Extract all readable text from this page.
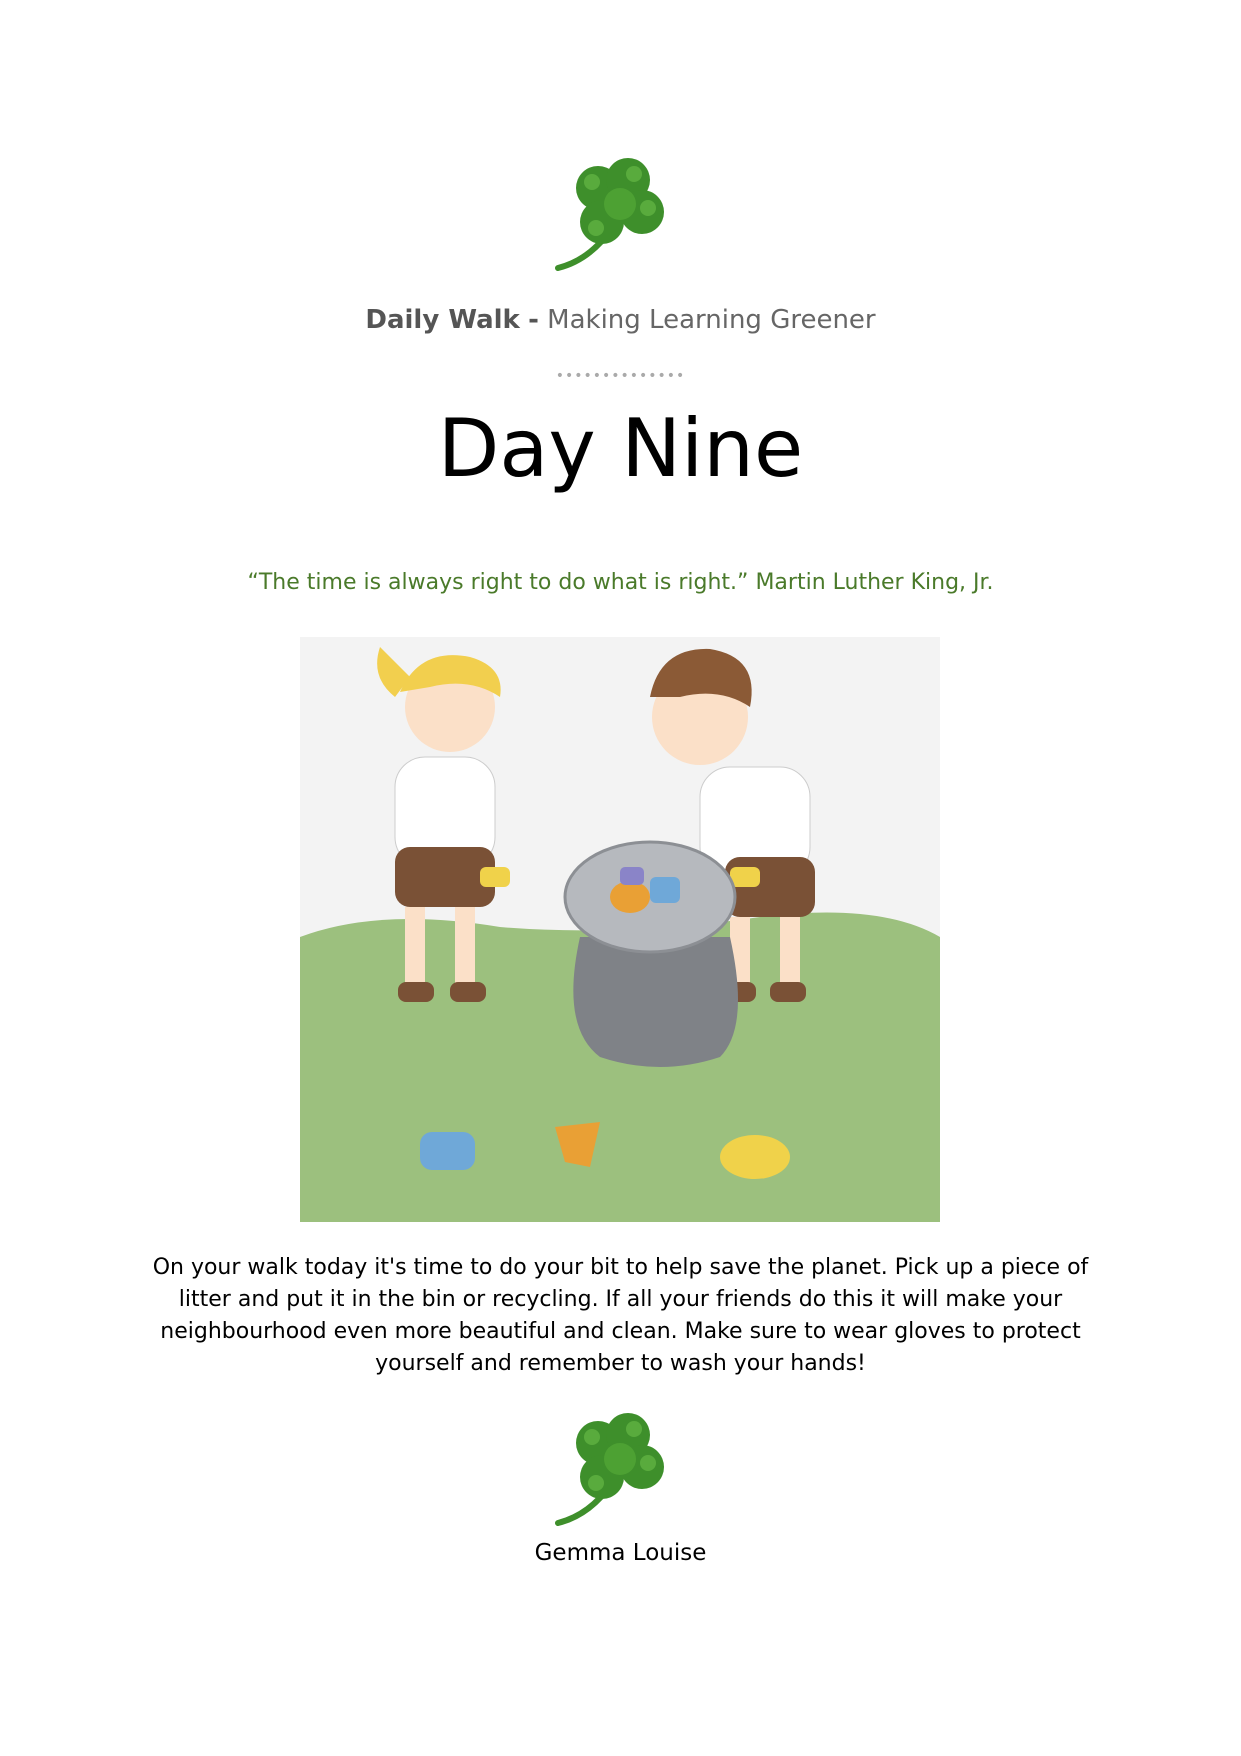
Daily Walk - Making Learning Greener
••••••••••••••
Day Nine
“The time is always right to do what is right.” Martin Luther King, Jr.
On your walk today it's time to do your bit to help save the planet. Pick up a piece of litter and put it in the bin or recycling. If all your friends do this it will make your neighbourhood even more beautiful and clean. Make sure to wear gloves to protect yourself and remember to wash your hands!
Gemma Louise
